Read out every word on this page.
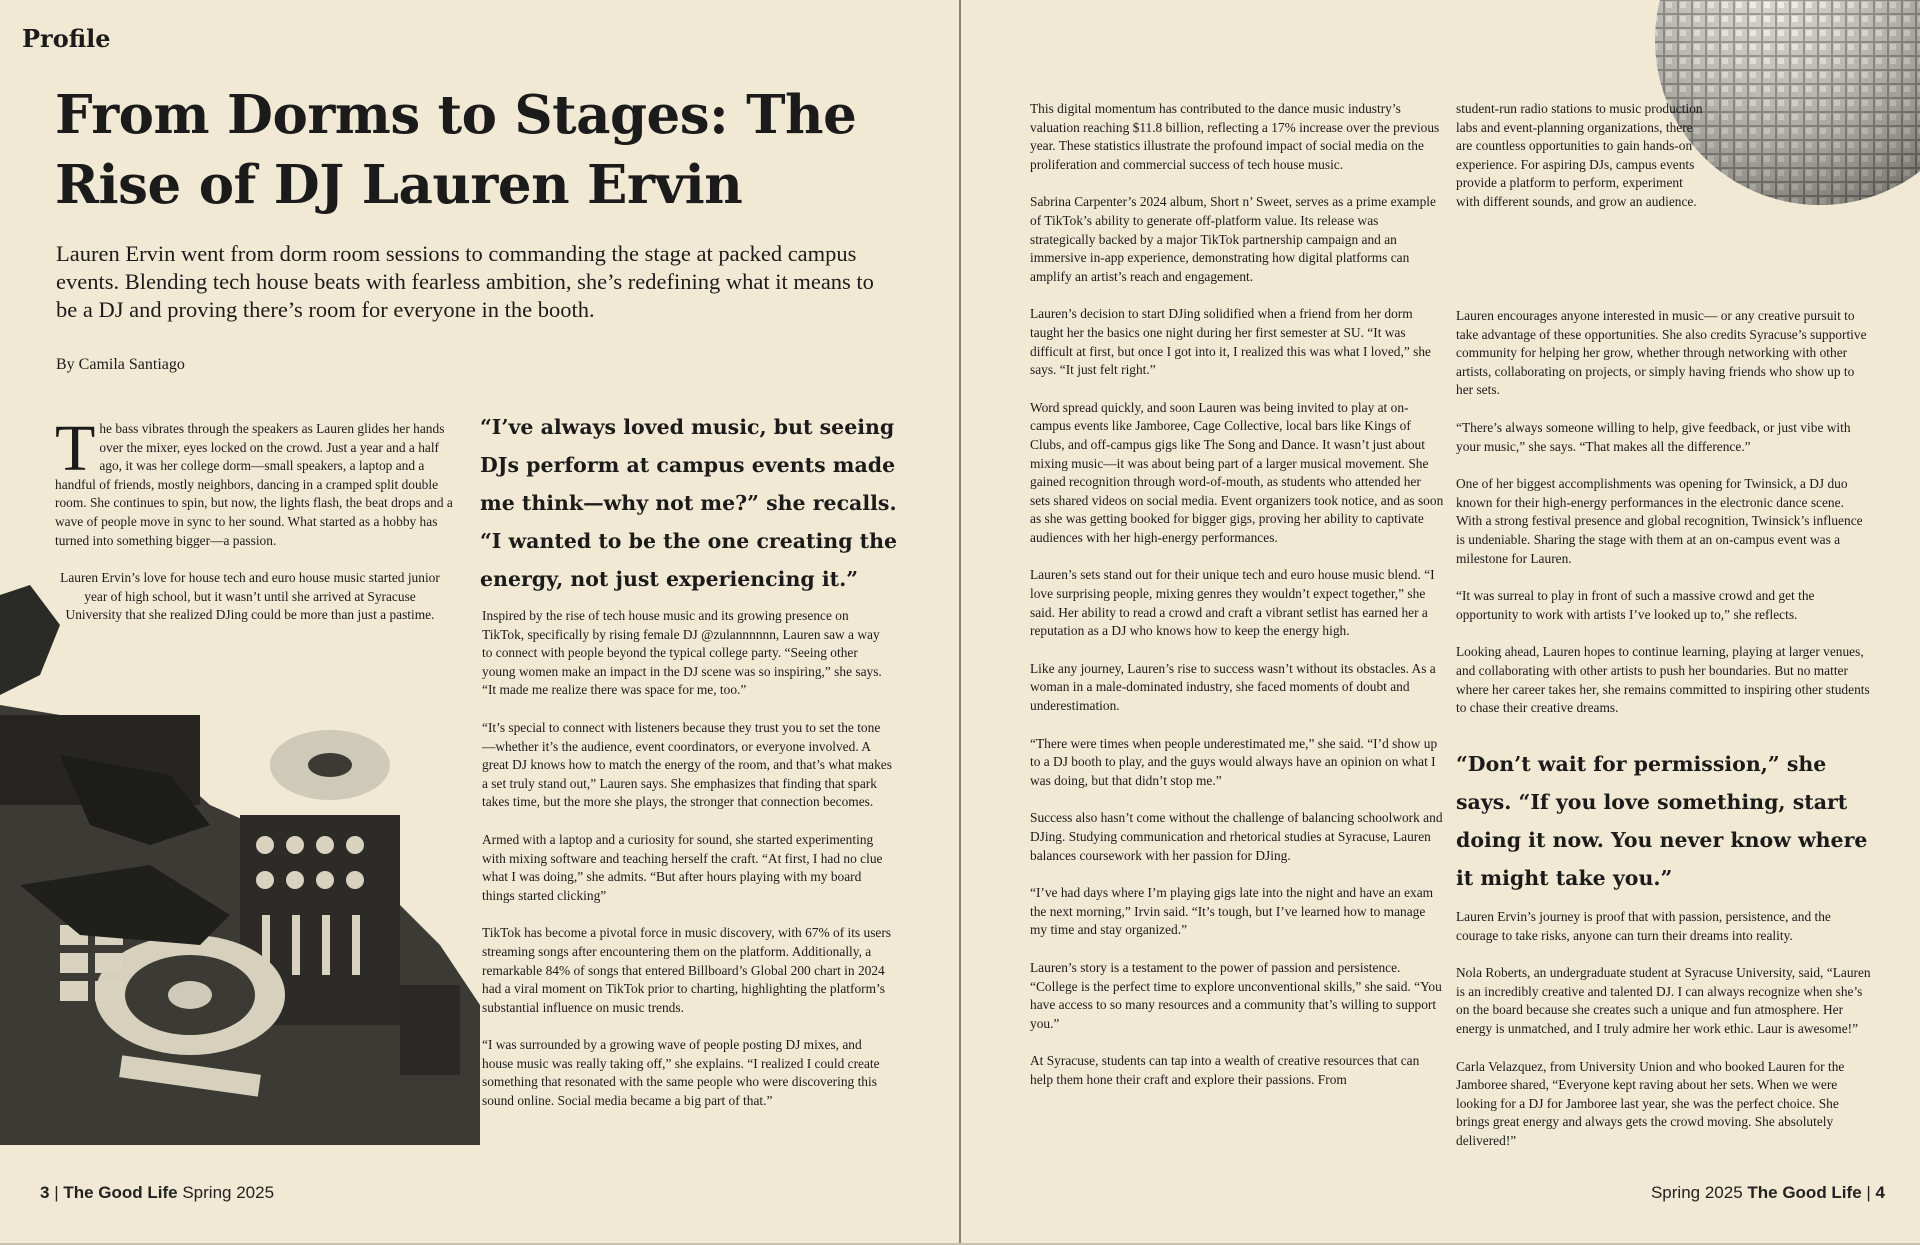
Profile
From Dorms to Stages: The Rise of DJ Lauren Ervin
Lauren Ervin went from dorm room sessions to commanding the stage at packed campus events. Blending tech house beats with fearless ambition, she’s redefining what it means to be a DJ and proving there’s room for everyone in the booth.
By Camila Santiago

The bass vibrates through the speakers as Lauren glides her hands over the mixer, eyes locked on the crowd. Just a year and a half ago, it was her college dorm—small speakers, a laptop and a handful of friends, mostly neighbors, dancing in a cramped split double room. She continues to spin, but now, the lights flash, the beat drops and a wave of people move in sync to her sound. What started as a hobby has turned into something bigger—a passion.

Lauren Ervin’s love for house tech and euro house music started junior year of high school, but it wasn’t until she arrived at Syracuse University that she realized DJing could be more than just a pastime.

“I’ve always loved music, but seeing DJs perform at campus events made me think—why not me?” she recalls. “I wanted to be the one creating the energy, not just experiencing it.”

Inspired by the rise of tech house music and its growing presence on TikTok, specifically by rising female DJ @zulannnnnn, Lauren saw a way to connect with people beyond the typical college party. “Seeing other young women make an impact in the DJ scene was so inspiring,” she says. “It made me realize there was space for me, too.”

“It’s special to connect with listeners because they trust you to set the tone—whether it’s the audience, event coordinators, or everyone involved. A great DJ knows how to match the energy of the room, and that’s what makes a set truly stand out,” Lauren says. She emphasizes that finding that spark takes time, but the more she plays, the stronger that connection becomes.

Armed with a laptop and a curiosity for sound, she started experimenting with mixing software and teaching herself the craft. “At first, I had no clue what I was doing,” she admits. “But after hours playing with my board things started clicking”

TikTok has become a pivotal force in music discovery, with 67% of its users streaming songs after encountering them on the platform. Additionally, a remarkable 84% of songs that entered Billboard’s Global 200 chart in 2024 had a viral moment on TikTok prior to charting, highlighting the platform’s substantial influence on music trends.

“I was surrounded by a growing wave of people posting DJ mixes, and house music was really taking off,” she explains. “I realized I could create something that resonated with the same people who were discovering this sound online. Social media became a big part of that.”

3 | The Good Life Spring 2025

This digital momentum has contributed to the dance music industry’s valuation reaching $11.8 billion, reflecting a 17% increase over the previous year. These statistics illustrate the profound impact of social media on the proliferation and commercial success of tech house music.

Sabrina Carpenter’s 2024 album, Short n’ Sweet, serves as a prime example of TikTok’s ability to generate off-platform value. Its release was strategically backed by a major TikTok partnership campaign and an immersive in-app experience, demonstrating how digital platforms can amplify an artist’s reach and engagement.

Lauren’s decision to start DJing solidified when a friend from her dorm taught her the basics one night during her first semester at SU. “It was difficult at first, but once I got into it, I realized this was what I loved,” she says. “It just felt right.”

Word spread quickly, and soon Lauren was being invited to play at on-campus events like Jamboree, Cage Collective, local bars like Kings of Clubs, and off-campus gigs like The Song and Dance. It wasn’t just about mixing music—it was about being part of a larger musical movement. She gained recognition through word-of-mouth, as students who attended her sets shared videos on social media. Event organizers took notice, and as soon as she was getting booked for bigger gigs, proving her ability to captivate audiences with her high-energy performances.

Lauren’s sets stand out for their unique tech and euro house music blend. “I love surprising people, mixing genres they wouldn’t expect together,” she said. Her ability to read a crowd and craft a vibrant setlist has earned her a reputation as a DJ who knows how to keep the energy high.

Like any journey, Lauren’s rise to success wasn’t without its obstacles. As a woman in a male-dominated industry, she faced moments of doubt and underestimation.

“There were times when people underestimated me,” she said. “I’d show up to a DJ booth to play, and the guys would always have an opinion on what I was doing, but that didn’t stop me.”

Success also hasn’t come without the challenge of balancing schoolwork and DJing. Studying communication and rhetorical studies at Syracuse, Lauren balances coursework with her passion for DJing.

“I’ve had days where I’m playing gigs late into the night and have an exam the next morning,” Irvin said. “It’s tough, but I’ve learned how to manage my time and stay organized.”

Lauren’s story is a testament to the power of passion and persistence. “College is the perfect time to explore unconventional skills,” she said. “You have access to so many resources and a community that’s willing to support you.”

At Syracuse, students can tap into a wealth of creative resources that can help them hone their craft and explore their passions. From

student-run radio stations to music production labs and event-planning organizations, there are countless opportunities to gain hands-on experience. For aspiring DJs, campus events provide a platform to perform, experiment with different sounds, and grow an audience.

Lauren encourages anyone interested in music— or any creative pursuit to take advantage of these opportunities. She also credits Syracuse’s supportive community for helping her grow, whether through networking with other artists, collaborating on projects, or simply having friends who show up to her sets.

“There’s always someone willing to help, give feedback, or just vibe with your music,” she says. “That makes all the difference.”

One of her biggest accomplishments was opening for Twinsick, a DJ duo known for their high-energy performances in the electronic dance scene. With a strong festival presence and global recognition, Twinsick’s influence is undeniable. Sharing the stage with them at an on-campus event was a milestone for Lauren.

“It was surreal to play in front of such a massive crowd and get the opportunity to work with artists I’ve looked up to,” she reflects.

Looking ahead, Lauren hopes to continue learning, playing at larger venues, and collaborating with other artists to push her boundaries. But no matter where her career takes her, she remains committed to inspiring other students to chase their creative dreams.

“Don’t wait for permission,” she says. “If you love something, start doing it now. You never know where it might take you.”

Lauren Ervin’s journey is proof that with passion, persistence, and the courage to take risks, anyone can turn their dreams into reality.

Nola Roberts, an undergraduate student at Syracuse University, said, “Lauren is an incredibly creative and talented DJ. I can always recognize when she’s on the board because she creates such a unique and fun atmosphere. Her energy is unmatched, and I truly admire her work ethic. Laur is awesome!”

Carla Velazquez, from University Union and who booked Lauren for the Jamboree shared, “Everyone kept raving about her sets. When we were looking for a DJ for Jamboree last year, she was the perfect choice. She brings great energy and always gets the crowd moving. She absolutely delivered!”

Spring 2025 The Good Life | 4
